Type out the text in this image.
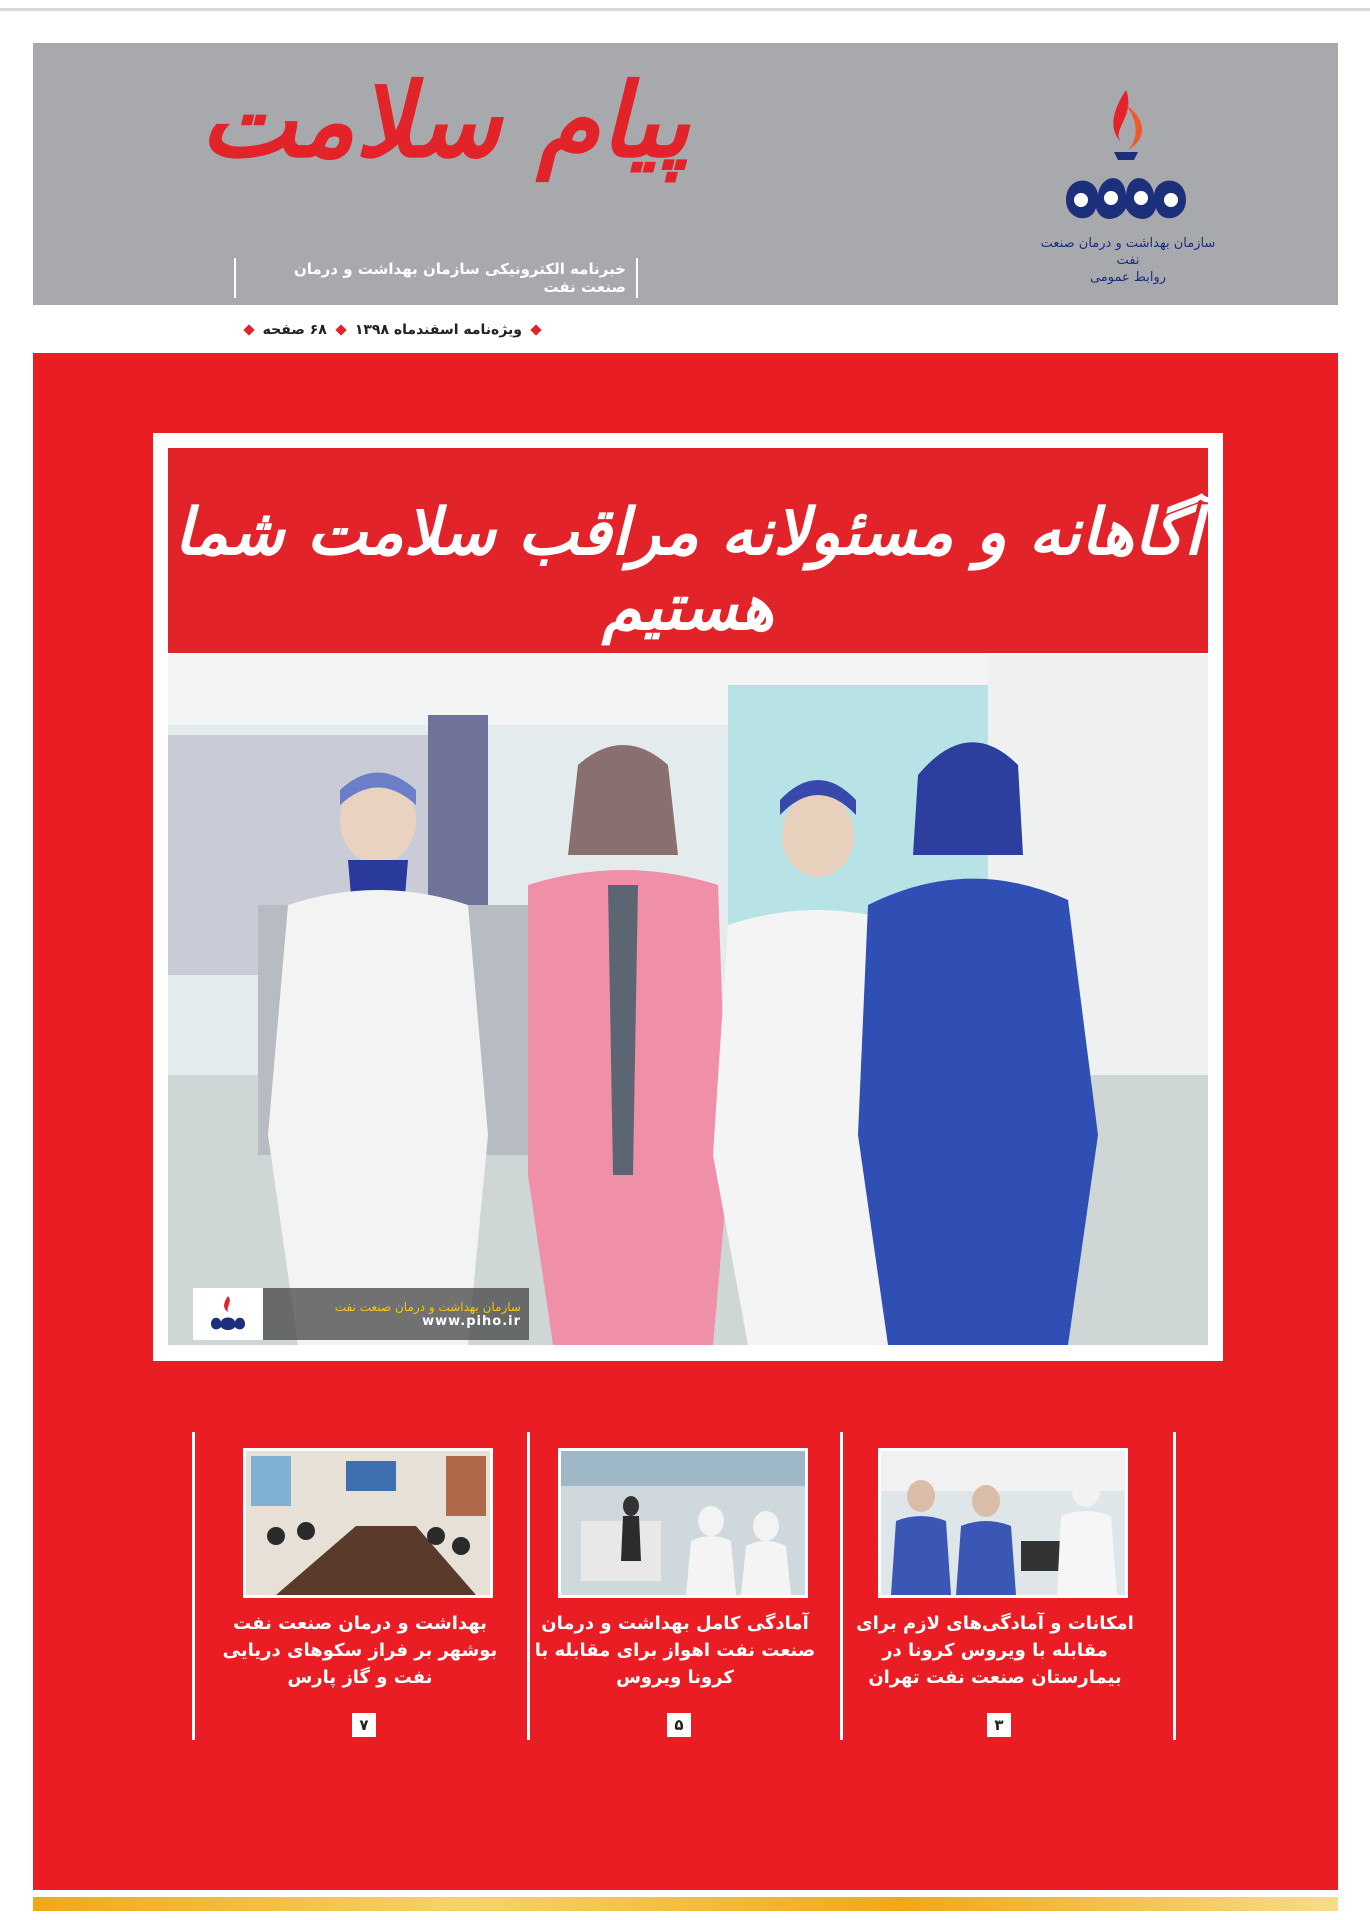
پیام سلامت
خبرنامه الکترونیکی سازمان بهداشت و درمان صنعت نفت
سازمان بهداشت و درمان صنعت نفت
روابط عمومی
ویژه‌نامه اسفندماه ۱۳۹۸
۶۸ صفحه
آگاهانه و مسئولانه مراقب سلامت شما هستیم
سازمان بهداشت و درمان صنعت نفت
www.piho.ir
امکانات و آمادگی‌های لازم برای مقابله با ویروس کرونا در بیمارستان صنعت نفت تهران
۳
آمادگی کامل بهداشت و درمان صنعت نفت اهواز برای مقابله با کرونا ویروس
۵
بهداشت و درمان صنعت نفت بوشهر بر فراز سکوهای دریایی نفت و گاز پارس
۷
